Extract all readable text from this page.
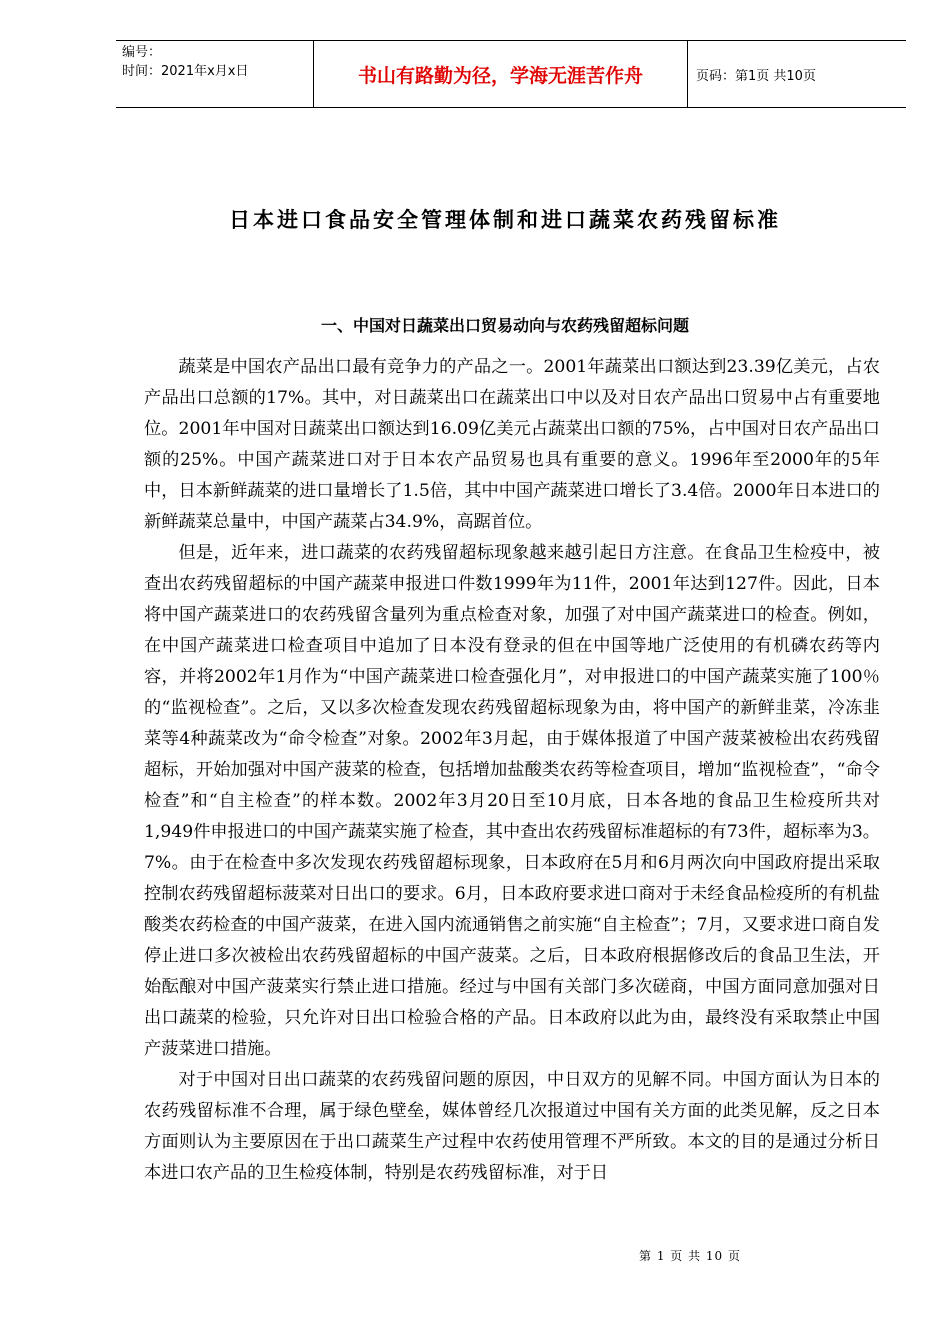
编号：
时间：2021年x月x日	书山有路勤为径，学海无涯苦作舟	页码：第1页 共10页
日本进口食品安全管理体制和进口蔬菜农药残留标准
一、中国对日蔬菜出口贸易动向与农药残留超标问题

蔬菜是中国农产品出口最有竞争力的产品之一。2001年蔬菜出口额达到23.39亿美元，占农产品出口总额的17%。其中，对日蔬菜出口在蔬菜出口中以及对日农产品出口贸易中占有重要地位。2001年中国对日蔬菜出口额达到16.09亿美元占蔬菜出口额的75%，占中国对日农产品出口额的25%。中国产蔬菜进口对于日本农产品贸易也具有重要的意义。1996年至2000年的5年中，日本新鲜蔬菜的进口量增长了1.5倍，其中中国产蔬菜进口增长了3.4倍。2000年日本进口的新鲜蔬菜总量中，中国产蔬菜占34.9%，高踞首位。

但是，近年来，进口蔬菜的农药残留超标现象越来越引起日方注意。在食品卫生检疫中，被查出农药残留超标的中国产蔬菜申报进口件数1999年为11件，2001年达到127件。因此，日本将中国产蔬菜进口的农药残留含量列为重点检查对象，加强了对中国产蔬菜进口的检查。例如，在中国产蔬菜进口检查项目中追加了日本没有登录的但在中国等地广泛使用的有机磷农药等内容，并将2002年1月作为“中国产蔬菜进口检查强化月”，对申报进口的中国产蔬菜实施了100％的“监视检查”。之后，又以多次检查发现农药残留超标现象为由，将中国产的新鲜韭菜，冷冻韭菜等4种蔬菜改为“命令检查”对象。2002年3月起，由于媒体报道了中国产菠菜被检出农药残留超标，开始加强对中国产菠菜的检查，包括增加盐酸类农药等检查项目，增加“监视检查”，“命令检查”和“自主检查”的样本数。2002年3月20日至10月底，日本各地的食品卫生检疫所共对1,949件申报进口的中国产蔬菜实施了检查，其中查出农药残留标准超标的有73件，超标率为3。7%。由于在检查中多次发现农药残留超标现象，日本政府在5月和6月两次向中国政府提出采取控制农药残留超标菠菜对日出口的要求。6月，日本政府要求进口商对于未经食品检疫所的有机盐酸类农药检查的中国产菠菜，在进入国内流通销售之前实施“自主检查”；7月，又要求进口商自发停止进口多次被检出农药残留超标的中国产菠菜。之后，日本政府根据修改后的食品卫生法，开始酝酿对中国产菠菜实行禁止进口措施。经过与中国有关部门多次磋商，中国方面同意加强对日出口蔬菜的检验，只允许对日出口检验合格的产品。日本政府以此为由，最终没有采取禁止中国产菠菜进口措施。

对于中国对日出口蔬菜的农药残留问题的原因，中日双方的见解不同。中国方面认为日本的农药残留标准不合理，属于绿色壁垒，媒体曾经几次报道过中国有关方面的此类见解，反之日本方面则认为主要原因在于出口蔬菜生产过程中农药使用管理不严所致。本文的目的是通过分析日本进口农产品的卫生检疫体制，特别是农药残留标准，对于日

第 1 页 共 10 页
